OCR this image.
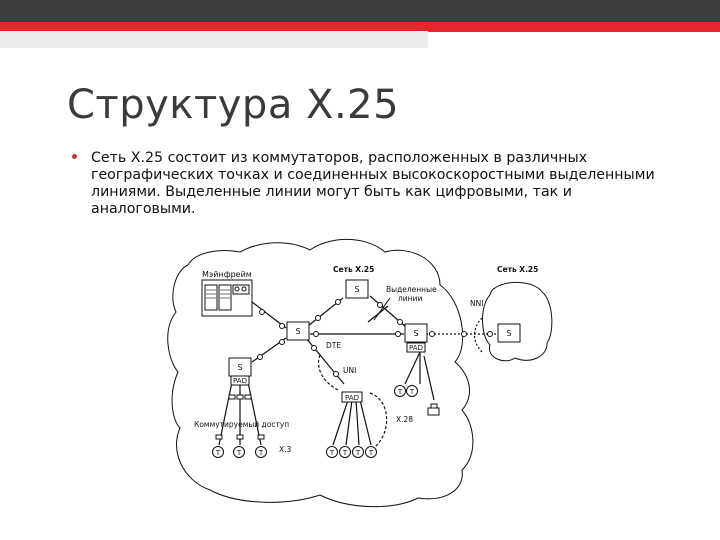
Структура X.25
Сеть X.25 состоит из коммутаторов, расположенных в различных географических точках и соединенных высокоскоростными выделенными линиями. Выделенные линии могут быть как цифровыми, так и аналоговыми.
Мэйнфрейм
S
S
S
S
S
PAD
PAD
PAD
T T
T T	T	T T T T
Сеть X.25	Сеть X.25
Выделенные
линии
NNI
DTE
UNI
X.28
Коммутируемый доступ
X.3
